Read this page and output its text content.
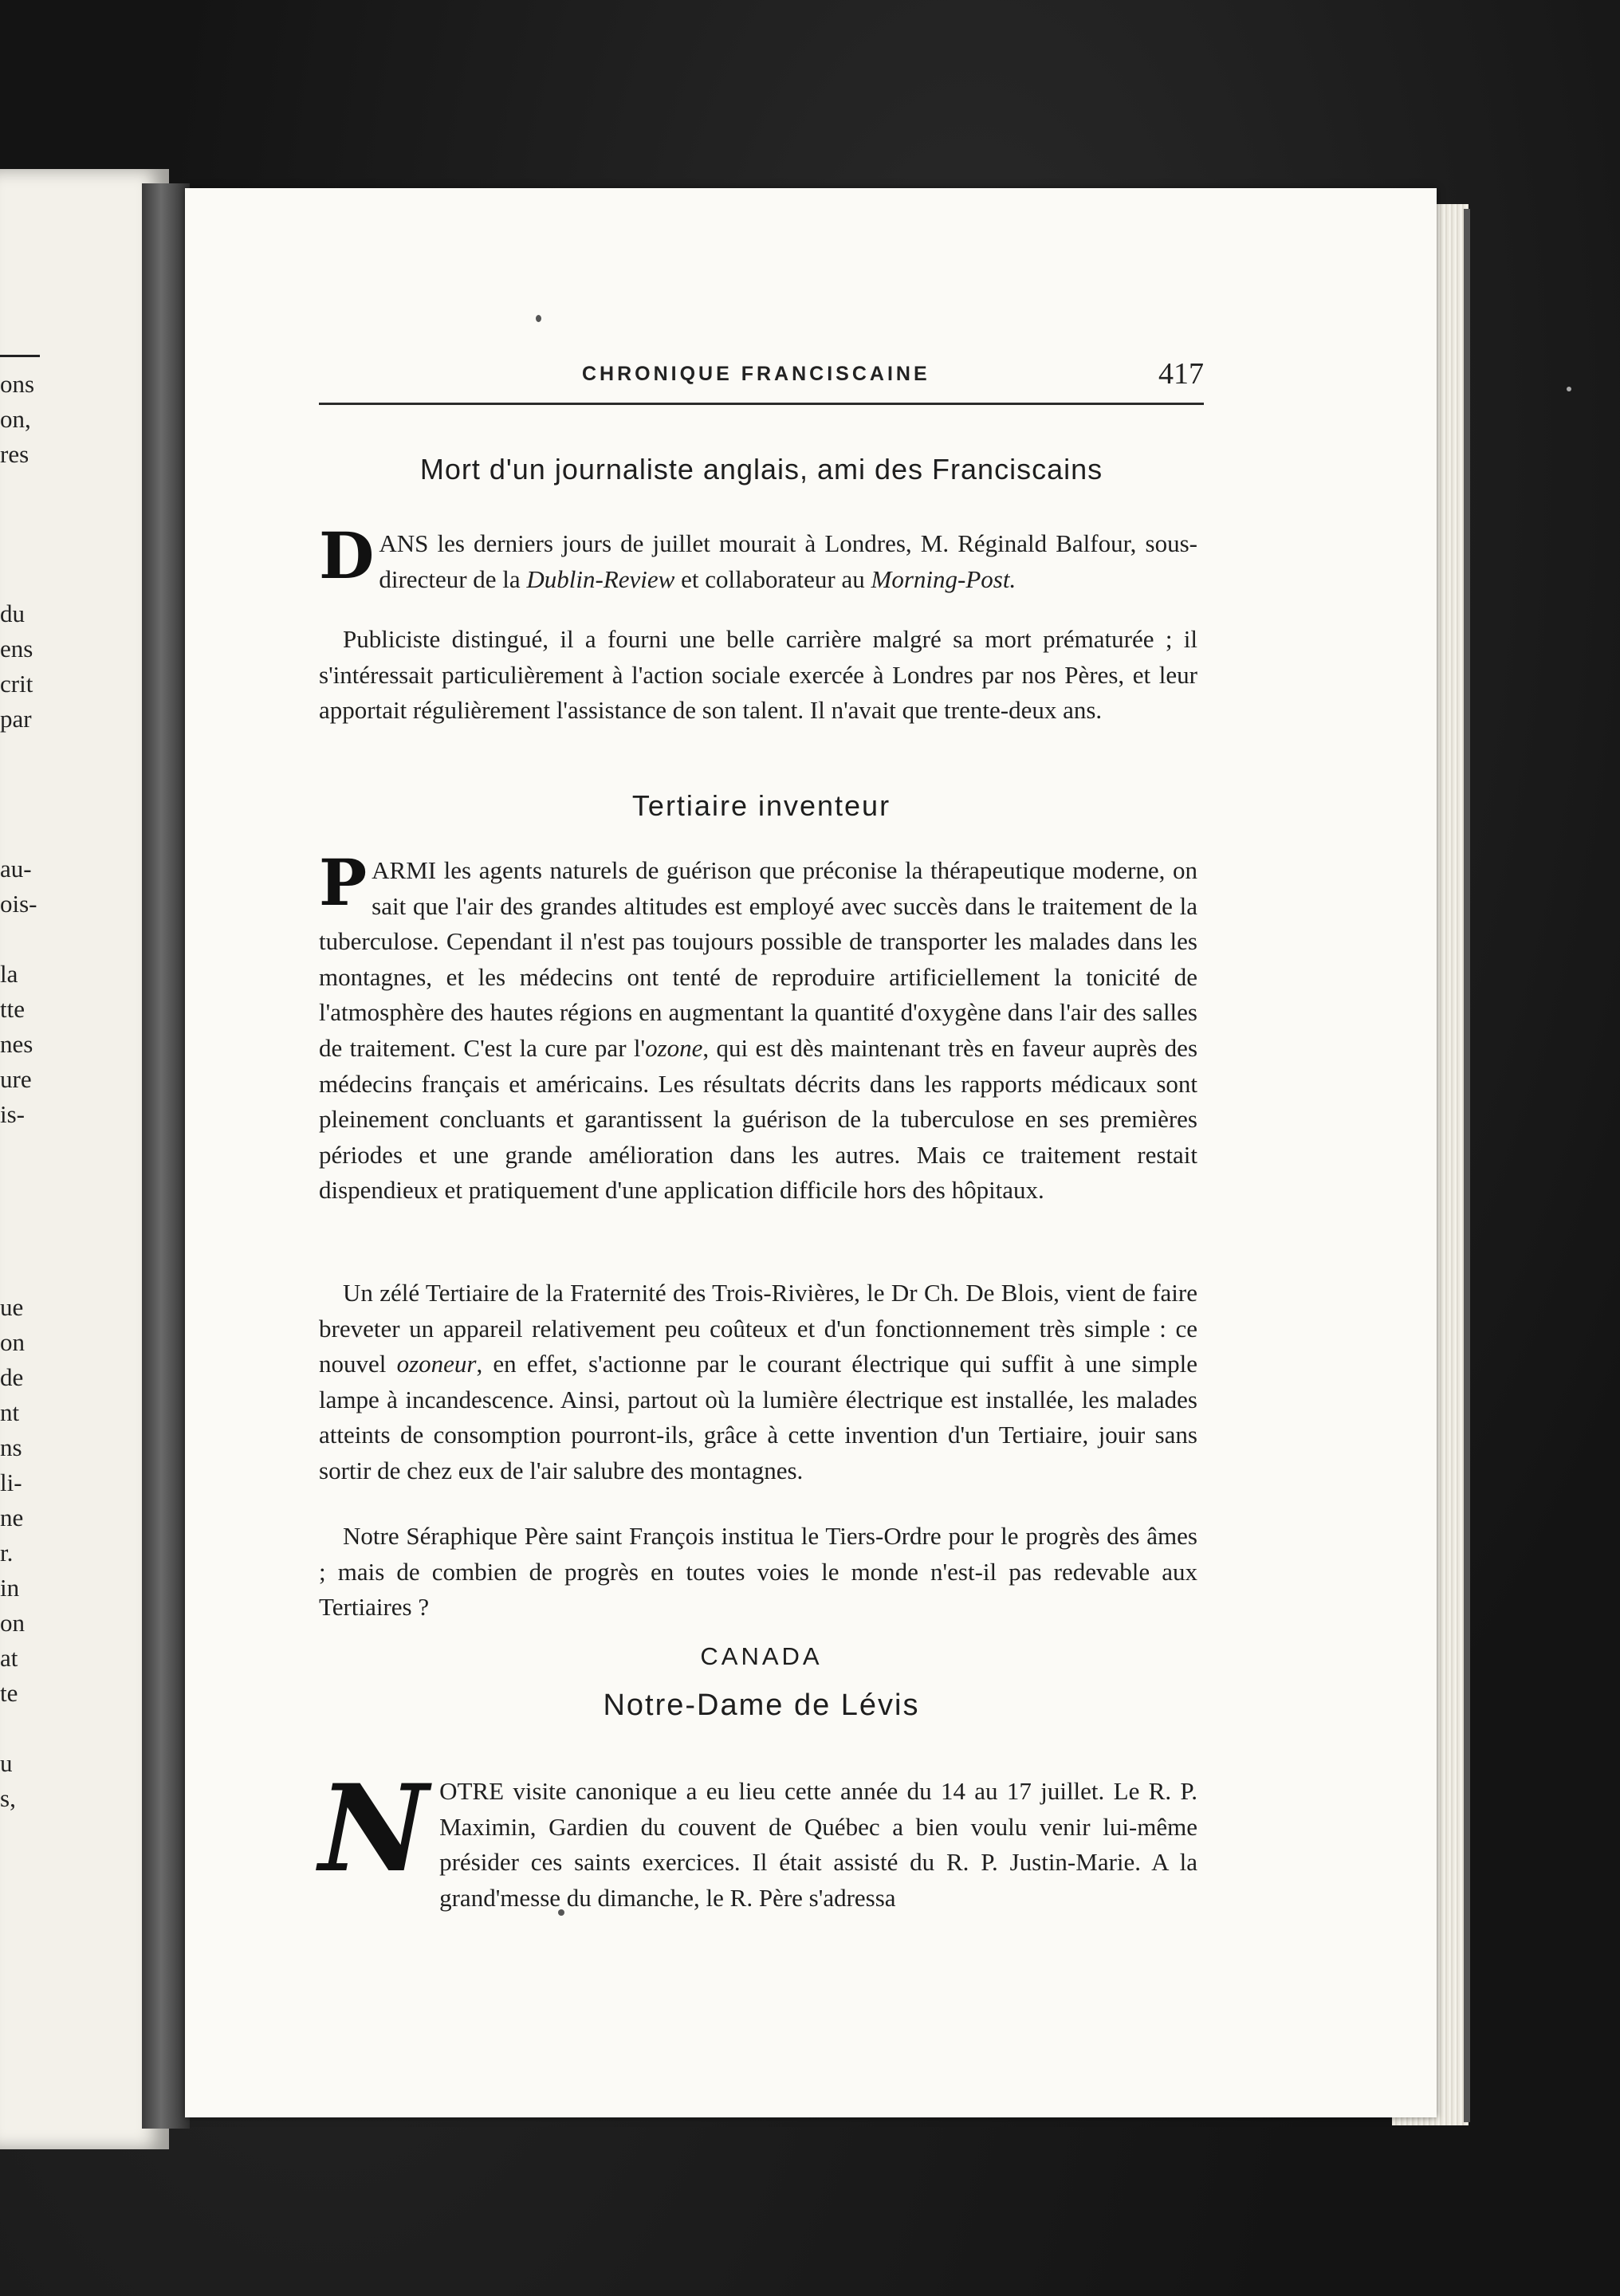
ons
on,
res
du
ens
crit
par
au-
ois-
la
tte
nes
ure
is-
ue
on
de
nt
ns
li-
ne
r.
in
on
at
te
u
s,
CHRONIQUE FRANCISCAINE	417
Mort d'un journaliste anglais, ami des Franciscains

DANS les derniers jours de juillet mourait à Londres, M. Réginald Balfour, sous-directeur de la Dublin-Review et collaborateur au Morning-Post.

Publiciste distingué, il a fourni une belle carrière malgré sa mort prématurée ; il s'intéressait particulièrement à l'action sociale exercée à Londres par nos Pères, et leur apportait régulièrement l'assistance de son talent. Il n'avait que trente-deux ans.

Tertiaire inventeur

PARMI les agents naturels de guérison que préconise la thérapeutique moderne, on sait que l'air des grandes altitudes est employé avec succès dans le traitement de la tuberculose. Cependant il n'est pas toujours possible de transporter les malades dans les montagnes, et les médecins ont tenté de reproduire artificiellement la tonicité de l'atmosphère des hautes régions en augmentant la quantité d'oxygène dans l'air des salles de traitement. C'est la cure par l'ozone, qui est dès maintenant très en faveur auprès des médecins français et américains. Les résultats décrits dans les rapports médicaux sont pleinement concluants et garantissent la guérison de la tuberculose en ses premières périodes et une grande amélioration dans les autres. Mais ce traitement restait dispendieux et pratiquement d'une application difficile hors des hôpitaux.

Un zélé Tertiaire de la Fraternité des Trois-Rivières, le Dr Ch. De Blois, vient de faire breveter un appareil relativement peu coûteux et d'un fonctionnement très simple : ce nouvel ozoneur, en effet, s'actionne par le courant électrique qui suffit à une simple lampe à incandescence. Ainsi, partout où la lumière électrique est installée, les malades atteints de consomption pourront-ils, grâce à cette invention d'un Tertiaire, jouir sans sortir de chez eux de l'air salubre des montagnes.

Notre Séraphique Père saint François institua le Tiers-Ordre pour le progrès des âmes ; mais de combien de progrès en toutes voies le monde n'est-il pas redevable aux Tertiaires ?

CANADA
Notre-Dame de Lévis

NOTRE visite canonique a eu lieu cette année du 14 au 17 juillet. Le R. P. Maximin, Gardien du couvent de Québec a bien voulu venir lui-même présider ces saints exercices. Il était assisté du R. P. Justin-Marie. A la grand'messe du dimanche, le R. Père s'adressa
